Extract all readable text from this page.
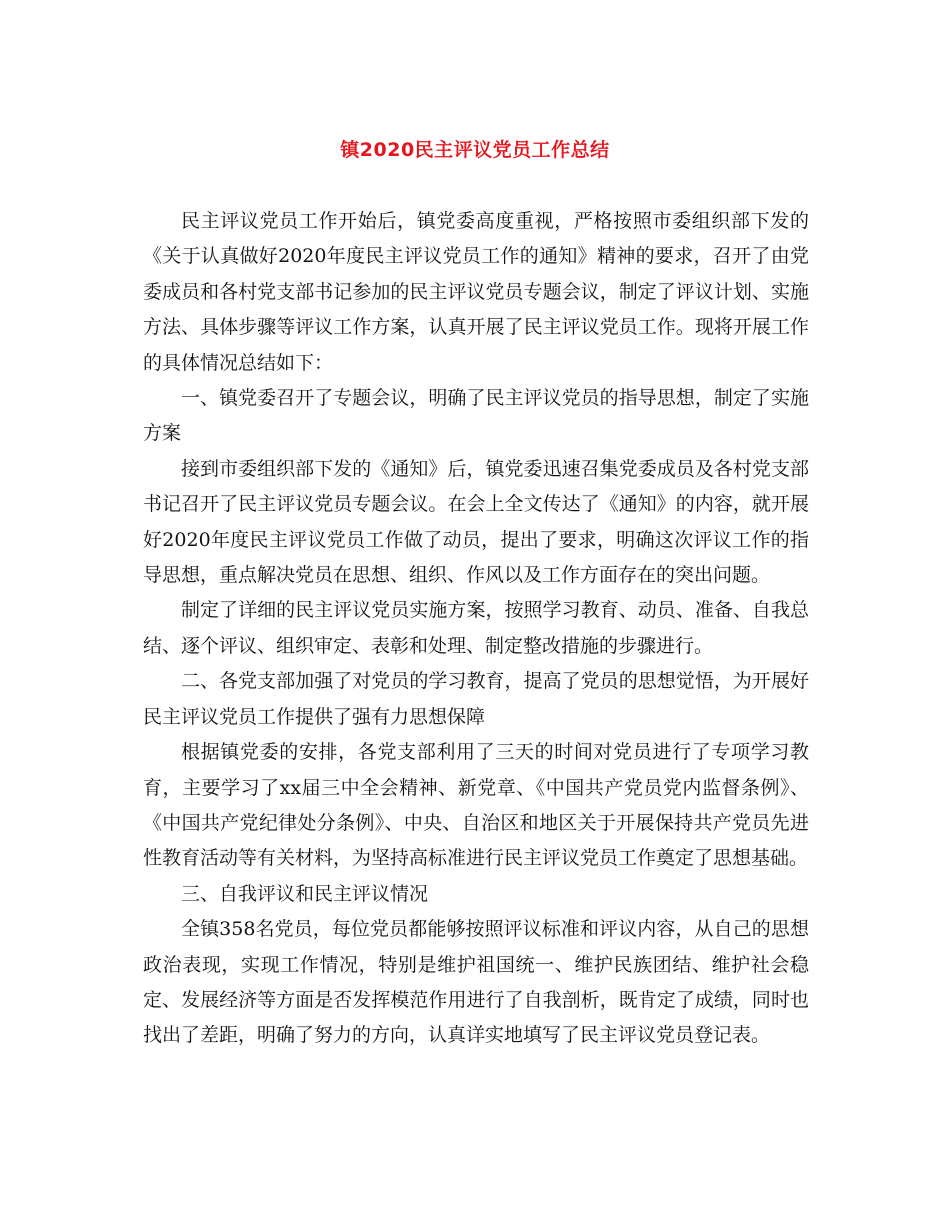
镇2020民主评议党员工作总结

民主评议党员工作开始后，镇党委高度重视，严格按照市委组织部下发的《关于认真做好2020年度民主评议党员工作的通知》精神的要求，召开了由党委成员和各村党支部书记参加的民主评议党员专题会议，制定了评议计划、实施方法、具体步骤等评议工作方案，认真开展了民主评议党员工作。现将开展工作的具体情况总结如下：

一、镇党委召开了专题会议，明确了民主评议党员的指导思想，制定了实施方案

接到市委组织部下发的《通知》后，镇党委迅速召集党委成员及各村党支部书记召开了民主评议党员专题会议。在会上全文传达了《通知》的内容，就开展好2020年度民主评议党员工作做了动员，提出了要求，明确这次评议工作的指导思想，重点解决党员在思想、组织、作风以及工作方面存在的突出问题。

制定了详细的民主评议党员实施方案，按照学习教育、动员、准备、自我总结、逐个评议、组织审定、表彰和处理、制定整改措施的步骤进行。

二、各党支部加强了对党员的学习教育，提高了党员的思想觉悟，为开展好民主评议党员工作提供了强有力思想保障

根据镇党委的安排，各党支部利用了三天的时间对党员进行了专项学习教育，主要学习了xx届三中全会精神、新党章、《中国共产党员党内监督条例》、《中国共产党纪律处分条例》、中央、自治区和地区关于开展保持共产党员先进性教育活动等有关材料，为坚持高标准进行民主评议党员工作奠定了思想基础。

三、自我评议和民主评议情况

全镇358名党员，每位党员都能够按照评议标准和评议内容，从自己的思想政治表现，实现工作情况，特别是维护祖国统一、维护民族团结、维护社会稳定、发展经济等方面是否发挥模范作用进行了自我剖析，既肯定了成绩，同时也找出了差距，明确了努力的方向，认真详实地填写了民主评议党员登记表。
